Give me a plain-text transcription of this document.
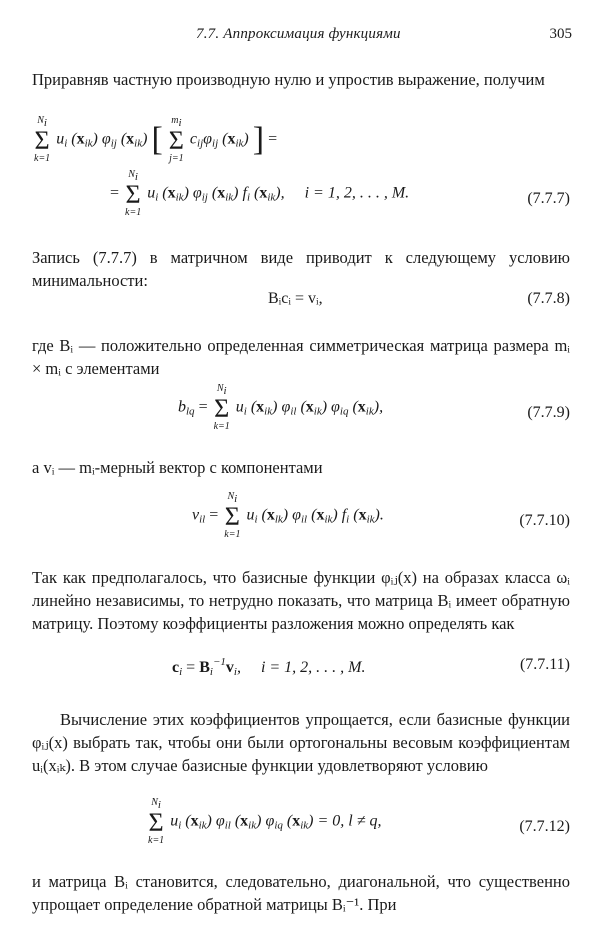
7.7. Аппроксимация функциями	305

Приравняв частную производную нулю и упростив выражение, получим

Ni
Σ
k=1
$u_i$ $(x_{ik})$ $\varphi_{ij}$ $(x_{ik})$ [
mi
Σ
j=1
$c_{ij}\varphi_{ij}$ $(x_{ik})$ ] =
=
Ni
Σ
k=1
$u_i$ $(x_{ik})$ $\varphi_{ij}$ $(x_{ik})$ $f_i$ $(x_{ik})$,     i = 1, 2, . . . , M.	(7.7.7)

Запись (7.7.7) в матричном виде приводит к следующему условию минимальности:

Bᵢcᵢ = vᵢ,	(7.7.8)

где Bᵢ — положительно определенная симметрическая матрица размера mᵢ × mᵢ с элементами

$b_{lq}$ =
Ni
Σ
k=1
$u_i$ $(x_{ik})$ $\varphi_{il}$ $(x_{ik})$ $\varphi_{iq}$ $(x_{ik})$,	(7.7.9)

а vᵢ — mᵢ-мерный вектор с компонентами

$v_{il}$ =
Ni
Σ
k=1
$u_i$ $(x_{lk})$ $\varphi_{il}$ $(x_{ik})$ $f_i$ $(x_{ik})$.	(7.7.10)

Так как предполагалось, что базисные функции φᵢⱼ(x) на образах класса ωᵢ линейно независимы, то нетрудно показать, что матрица Bᵢ имеет обратную матрицу. Поэтому коэффициенты разложения можно определять как

$c_i = B_i^{-1}v_i$,     i = 1, 2, . . . , M.	(7.7.11)

Вычисление этих коэффициентов упрощается, если базисные функции φᵢⱼ(x) выбрать так, чтобы они были ортогональны весовым коэффициентам uᵢ(xᵢₖ). В этом случае базисные функции удовлетворяют условию

Ni
Σ
k=1
$u_i$ $(x_{ik})$ $\varphi_{il}$ $(x_{ik})$ $\varphi_{iq}$ $(x_{ik}) = 0$, l ≠ q,	(7.7.12)

и матрица Bᵢ становится, следовательно, диагональной, что существенно упрощает определение обратной матрицы Bᵢ⁻¹. При
